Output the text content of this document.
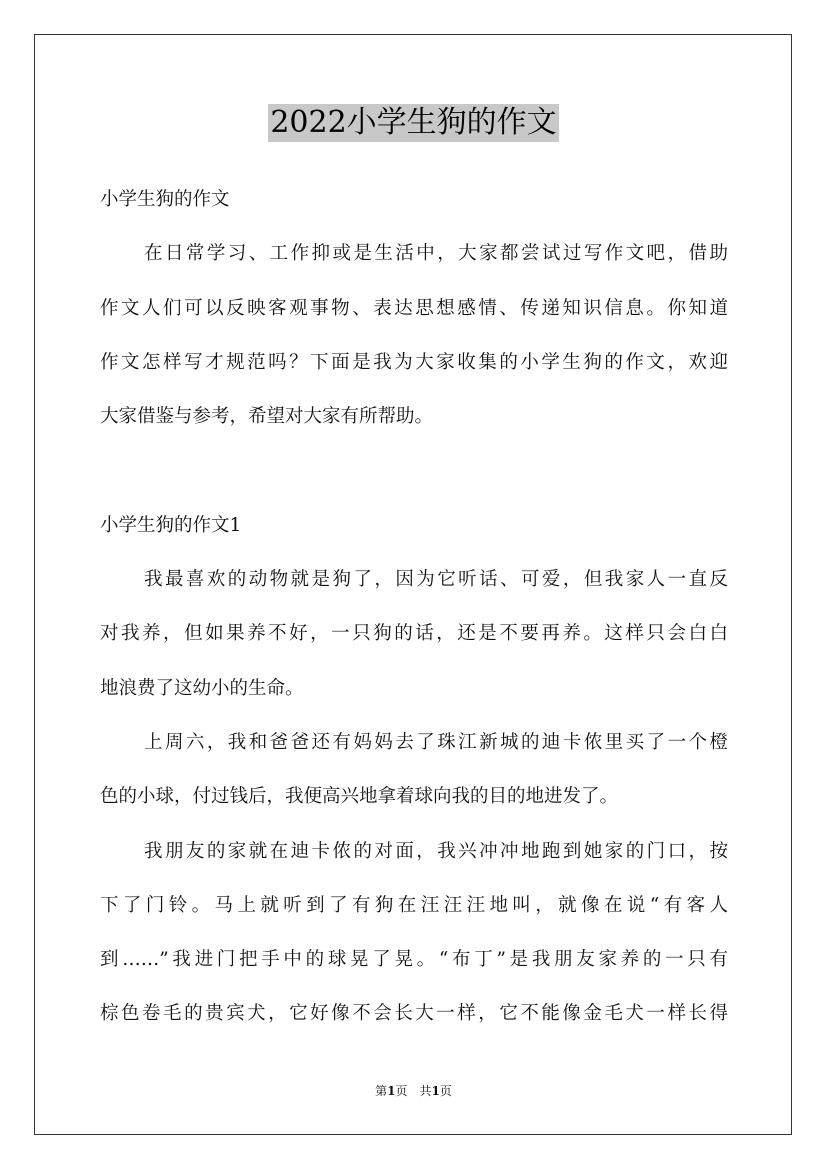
2022小学生狗的作文
小学生狗的作文
在日常学习、工作抑或是生活中，大家都尝试过写作文吧，借助
作文人们可以反映客观事物、表达思想感情、传递知识信息。你知道
作文怎样写才规范吗？下面是我为大家收集的小学生狗的作文，欢迎
大家借鉴与参考，希望对大家有所帮助。
小学生狗的作文1
我最喜欢的动物就是狗了，因为它听话、可爱，但我家人一直反
对我养，但如果养不好，一只狗的话，还是不要再养。这样只会白白
地浪费了这幼小的生命。
上周六，我和爸爸还有妈妈去了珠江新城的迪卡侬里买了一个橙
色的小球，付过钱后，我便高兴地拿着球向我的目的地进发了。
我朋友的家就在迪卡侬的对面，我兴冲冲地跑到她家的门口，按
下了门铃。马上就听到了有狗在汪汪汪地叫，就像在说“有客人
到……”我进门把手中的球晃了晃。“布丁”是我朋友家养的一只有
棕色卷毛的贵宾犬，它好像不会长大一样，它不能像金毛犬一样长得
第1页　共1页
